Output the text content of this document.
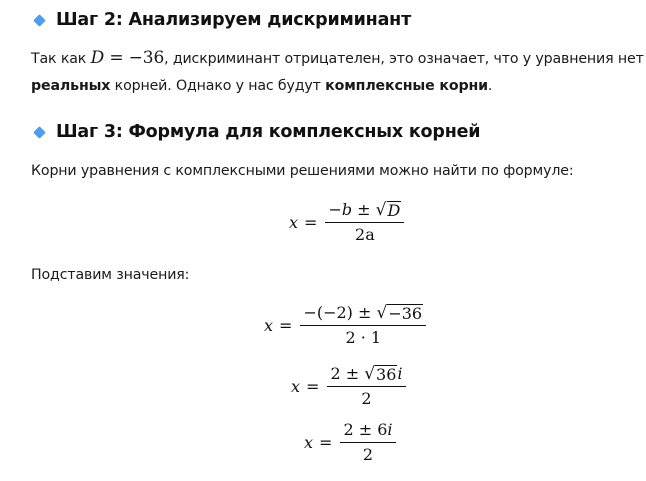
Шаг 2: Анализируем дискриминант
Так как D = −36, дискриминант отрицателен, это означает, что у уравнения нет
реальных корней. Однако у нас будут комплексные корни.
Шаг 3: Формула для комплексных корней
Корни уравнения с комплексными решениями можно найти по формуле:
$x = \frac{-b \pm √ D}{2a}$
Подставим значения:
$x = \frac{-(-2) \pm √ -36}{2 \cdot 1}$
$x = \frac{2 \pm √ 36 i}{2}$
$x = \frac{2 \pm 6i}{2}$
